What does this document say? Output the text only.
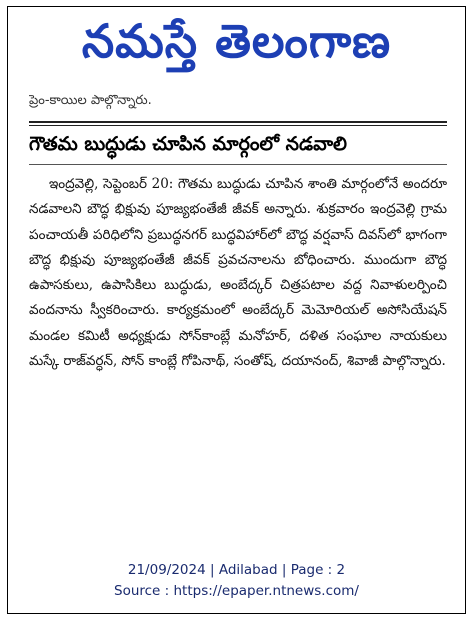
నమస్తే తెలంగాణ
ప్రెం-కాయిల పాల్గొన్నారు.
గౌతమ బుద్ధుడు చూపిన మార్గంలో నడవాలి

ఇంద్రవెల్లి, సెప్టెంబర్ 20: గౌతమ బుద్ధుడు చూపిన శాంతి మార్గంలోనే అందరూ నడవాలని బౌద్ధ భిక్షువు పూజ్యభంతేజీ జీవక్ అన్నారు. శుక్రవారం ఇంద్రవెల్లి గ్రామ పంచాయతీ పరిధిలోని ప్రబుద్ధనగర్ బుద్ధవిహార్‌లో బౌద్ధ వర్షవాస్ దివస్‌లో భాగంగా బౌద్ధ భిక్షువు పూజ్యభంతేజీ జీవక్ ప్రవచనాలను బోధించారు. ముందుగా బౌద్ధ ఉపాసకులు, ఉపాసికిలు బుద్ధుడు, అంబేద్కర్ చిత్రపటాల వద్ద నివాళులర్పించి వందనాను స్వీకరించారు. కార్యక్రమంలో అంబేద్కర్ మెమోరియల్ అసోసియేషన్ మండల కమిటీ అధ్యక్షుడు సోన్‌కాంబ్లే మనోహర్, దళిత సంఘాల నాయకులు మస్కే రాజ్‌వర్ధన్, సోన్ కాంబ్లే గోపినాథ్, సంతోష్, దయానంద్, శివాజీ పాల్గొన్నారు.

21/09/2024 | Adilabad | Page : 2
Source : https://epaper.ntnews.com/
